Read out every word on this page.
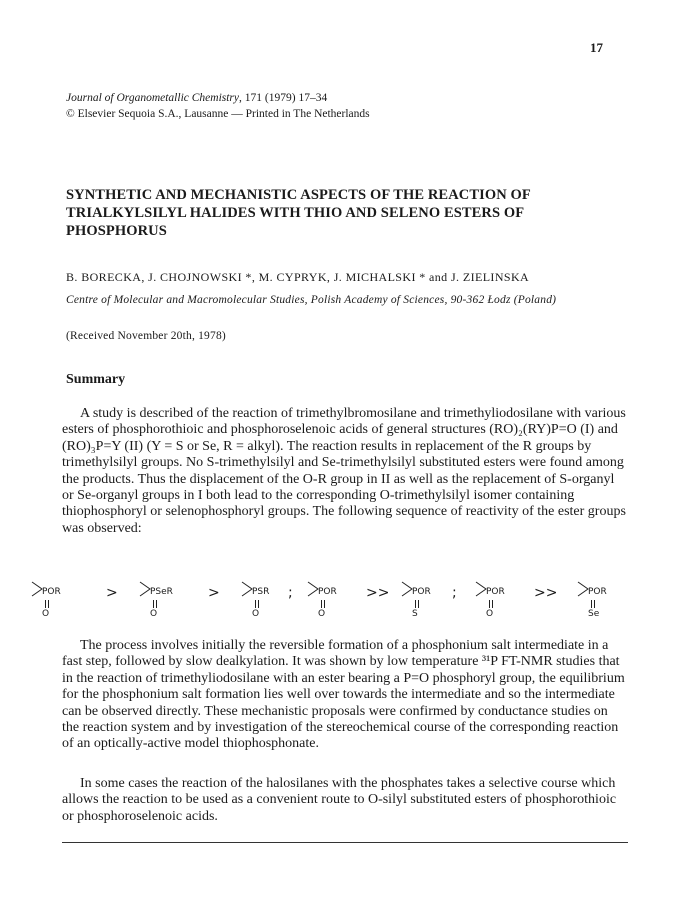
17
Journal of Organometallic Chemistry, 171 (1979) 17–34
© Elsevier Sequoia S.A., Lausanne — Printed in The Netherlands
SYNTHETIC AND MECHANISTIC ASPECTS OF THE REACTION OF TRIALKYLSILYL HALIDES WITH THIO AND SELENO ESTERS OF PHOSPHORUS
B. BORECKA, J. CHOJNOWSKI *, M. CYPRYK, J. MICHALSKI * and J. ZIELINSKA
Centre of Molecular and Macromolecular Studies, Polish Academy of Sciences, 90-362 Łodz (Poland)
(Received November 20th, 1978)
Summary
A study is described of the reaction of trimethylbromosilane and trimethyliodosilane with various esters of phosphorothioic and phosphoroselenoic acids of general structures (RO)₂(RY)P=O (I) and (RO)₃P=Y (II) (Y = S or Se, R = alkyl). The reaction results in replacement of the R groups by trimethylsilyl groups. No S-trimethylsilyl and Se-trimethylsilyl substituted esters were found among the products. Thus the displacement of the O-R group in II as well as the replacement of S-organyl or Se-organyl groups in I both lead to the corresponding O-trimethylsilyl isomer containing thiophosphoryl or selenophosphoryl groups. The following sequence of reactivity of the ester groups was observed:
POR
O
>	PSeR
O
>	PSR
O
;	POR
O
>>	POR
S
;	POR
O
>>	POR
Se
The process involves initially the reversible formation of a phosphonium salt intermediate in a fast step, followed by slow dealkylation. It was shown by low temperature ³¹P FT-NMR studies that in the reaction of trimethyliodosilane with an ester bearing a P=O phosphoryl group, the equilibrium for the phosphonium salt formation lies well over towards the intermediate and so the intermediate can be observed directly. These mechanistic proposals were confirmed by conductance studies on the reaction system and by investigation of the stereochemical course of the corresponding reaction of an optically-active model thiophosphonate.
In some cases the reaction of the halosilanes with the phosphates takes a selective course which allows the reaction to be used as a convenient route to O-silyl substituted esters of phosphorothioic or phosphoroselenoic acids.
